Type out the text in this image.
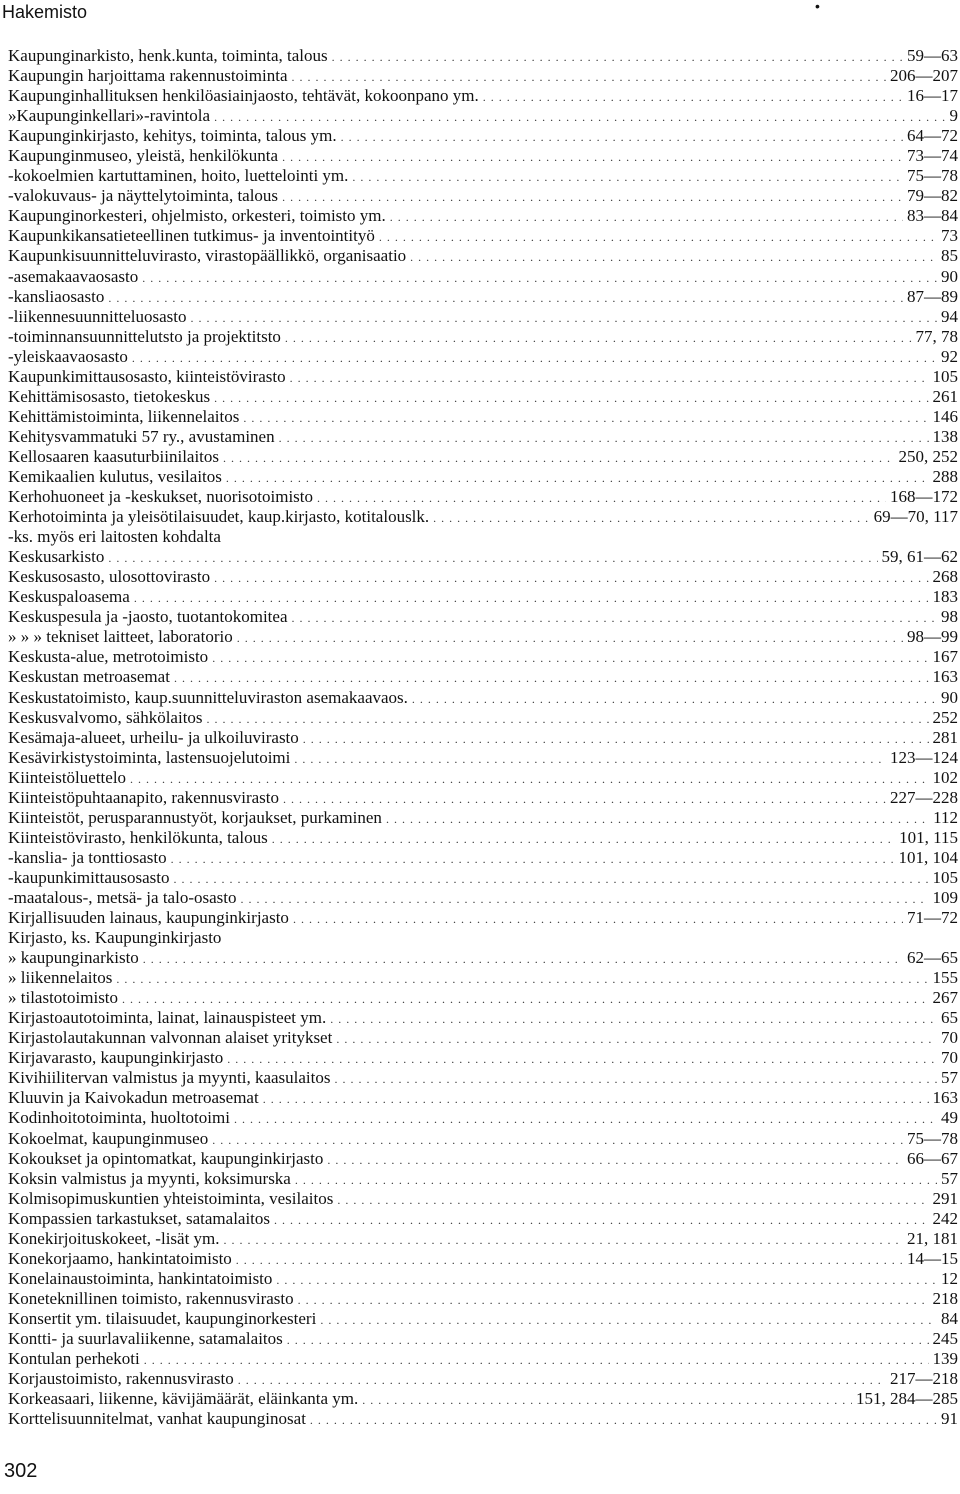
Hakemisto	•
Kaupunginarkisto, henk.kunta, toiminta, talous . . .	59—63
Kaupungin harjoittama rakennustoiminta . . .	206—207
Kaupunginhallituksen henkilöasiainjaosto, tehtävät, kokoonpano ym. . . .	16—17
»Kaupunginkellari»-ravintola . . .	9
Kaupunginkirjasto, kehitys, toiminta, talous ym. . . .	64—72
Kaupunginmuseo, yleistä, henkilökunta . . .	73—74
-kokoelmien kartuttaminen, hoito, luettelointi ym. . . .	75—78
-valokuvaus- ja näyttelytoiminta, talous . . .	79—82
Kaupunginorkesteri, ohjelmisto, orkesteri, toimisto ym. . . .	83—84
Kaupunkikansatieteellinen tutkimus- ja inventointityö . . .	73
Kaupunkisuunnitteluvirasto, virastopäällikkö, organisaatio . . .	85
-asemakaavaosasto . . .	90
-kansliaosasto . . .	87—89
-liikennesuunnitteluosasto . . .	94
-toiminnansuunnittelutsto ja projektitsto . . .	77, 78
-yleiskaavaosasto . . .	92
Kaupunkimittausosasto, kiinteistövirasto . . .	105
Kehittämisosasto, tietokeskus . . .	261
Kehittämistoiminta, liikennelaitos . . .	146
Kehitysvammatuki 57 ry., avustaminen . . .	138
Kellosaaren kaasuturbiinilaitos . . .	250, 252
Kemikaalien kulutus, vesilaitos . . .	288
Kerhohuoneet ja -keskukset, nuorisotoimisto . . .	168—172
Kerhotoiminta ja yleisötilaisuudet, kaup.kirjasto, kotitalouslk. . . .	69—70, 117
-ks. myös eri laitosten kohdalta
Keskusarkisto . . .	59, 61—62
Keskusosasto, ulosottovirasto . . .	268
Keskuspaloasema . . .	183
Keskuspesula ja -jaosto, tuotantokomitea . . .	98
» » » tekniset laitteet, laboratorio . . .	98—99
Keskusta-alue, metrotoimisto . . .	167
Keskustan metroasemat . . .	163
Keskustatoimisto, kaup.suunnitteluviraston asemakaavaos. . . .	90
Keskusvalvomo, sähkölaitos . . .	252
Kesämaja-alueet, urheilu- ja ulkoiluvirasto . . .	281
Kesävirkistystoiminta, lastensuojelutoimi . . .	123—124
Kiinteistöluettelo . . .	102
Kiinteistöpuhtaanapito, rakennusvirasto . . .	227—228
Kiinteistöt, perusparannustyöt, korjaukset, purkaminen . . .	112
Kiinteistövirasto, henkilökunta, talous . . .	101, 115
-kanslia- ja tonttiosasto . . .	101, 104
-kaupunkimittausosasto . . .	105
-maatalous-, metsä- ja talo-osasto . . .	109
Kirjallisuuden lainaus, kaupunginkirjasto . . .	71—72
Kirjasto, ks. Kaupunginkirjasto
» kaupunginarkisto . . .	62—65
» liikennelaitos . . .	155
» tilastotoimisto . . .	267
Kirjastoautotoiminta, lainat, lainauspisteet ym. . . .	65
Kirjastolautakunnan valvonnan alaiset yritykset . . .	70
Kirjavarasto, kaupunginkirjasto . . .	70
Kivihiilitervan valmistus ja myynti, kaasulaitos . . .	57
Kluuvin ja Kaivokadun metroasemat . . .	163
Kodinhoitotoiminta, huoltotoimi . . .	49
Kokoelmat, kaupunginmuseo . . .	75—78
Kokoukset ja opintomatkat, kaupunginkirjasto . . .	66—67
Koksin valmistus ja myynti, koksimurska . . .	57
Kolmisopimuskuntien yhteistoiminta, vesilaitos . . .	291
Kompassien tarkastukset, satamalaitos . . .	242
Konekirjoituskokeet, -lisät ym. . . .	21, 181
Konekorjaamo, hankintatoimisto . . .	14—15
Konelainaustoiminta, hankintatoimisto . . .	12
Koneteknillinen toimisto, rakennusvirasto . . .	218
Konsertit ym. tilaisuudet, kaupunginorkesteri . . .	84
Kontti- ja suurlavaliikenne, satamalaitos . . .	245
Kontulan perhekoti . . .	139
Korjaustoimisto, rakennusvirasto . . .	217—218
Korkeasaari, liikenne, kävijämäärät, eläinkanta ym. . . .	151, 284—285
Korttelisuunnitelmat, vanhat kaupunginosat . . .	91
302
